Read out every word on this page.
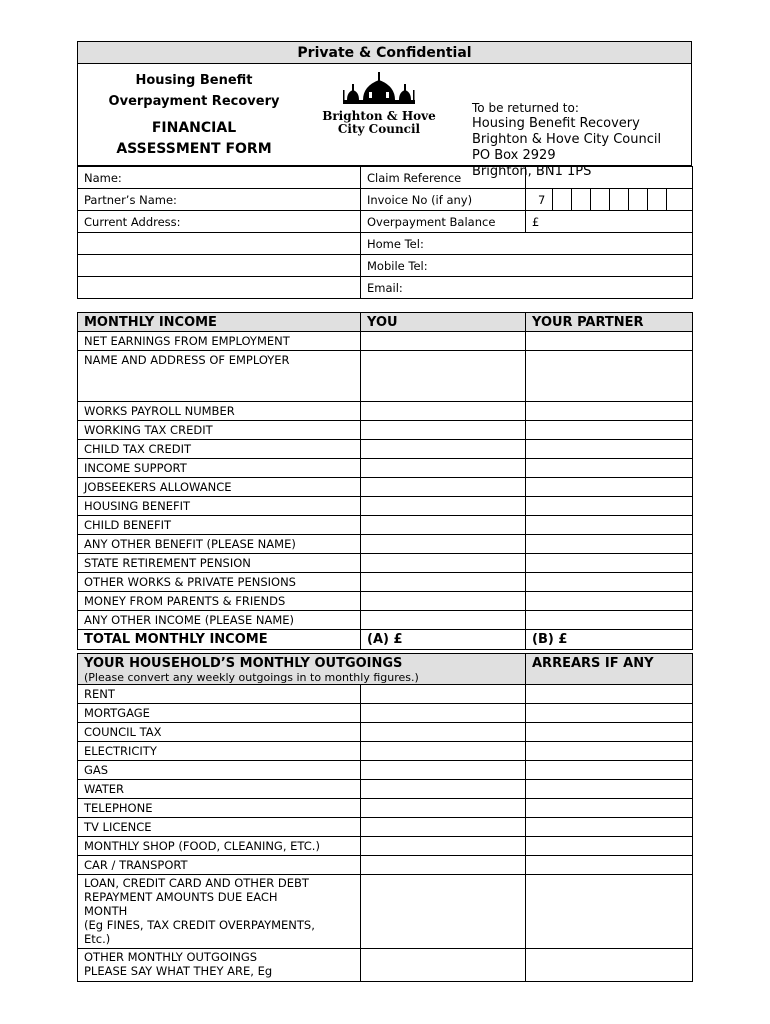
Private & Confidential
Housing Benefit
Overpayment Recovery
FINANCIAL
ASSESSMENT FORM
Brighton & Hove
City Council
To be returned to:
Housing Benefit Recovery
Brighton & Hove City Council
PO Box 2929
Brighton, BN1 1PS
Name:	Claim Reference	
Partner’s Name:	Invoice No (if any)		7							

Current Address:	Overpayment Balance	£
	Home Tel:
	Mobile Tel:
	Email:
MONTHLY INCOME	YOU	YOUR PARTNER
NET EARNINGS FROM EMPLOYMENT		
NAME AND ADDRESS OF EMPLOYER		
WORKS PAYROLL NUMBER		
WORKING TAX CREDIT		
CHILD TAX CREDIT		
INCOME SUPPORT		
JOBSEEKERS ALLOWANCE		
HOUSING BENEFIT		
CHILD BENEFIT		
ANY OTHER BENEFIT (PLEASE NAME)		
STATE RETIREMENT PENSION		
OTHER WORKS & PRIVATE PENSIONS		
MONEY FROM PARENTS & FRIENDS		
ANY OTHER INCOME (PLEASE NAME)		
TOTAL MONTHLY INCOME	(A) £	(B) £
YOUR HOUSEHOLD’S MONTHLY OUTGOINGS
(Please convert any weekly outgoings in to monthly figures.)		ARREARS IF ANY
RENT		
MORTGAGE		
COUNCIL TAX		
ELECTRICITY		
GAS		
WATER		
TELEPHONE		
TV LICENCE		
MONTHLY SHOP (FOOD, CLEANING, ETC.)		
CAR / TRANSPORT		

LOAN, CREDIT CARD AND OTHER DEBT
REPAYMENT AMOUNTS DUE EACH
MONTH
(Eg FINES, TAX CREDIT OVERPAYMENTS,
Etc.)		

OTHER MONTHLY OUTGOINGS
PLEASE SAY WHAT THEY ARE, Eg		
